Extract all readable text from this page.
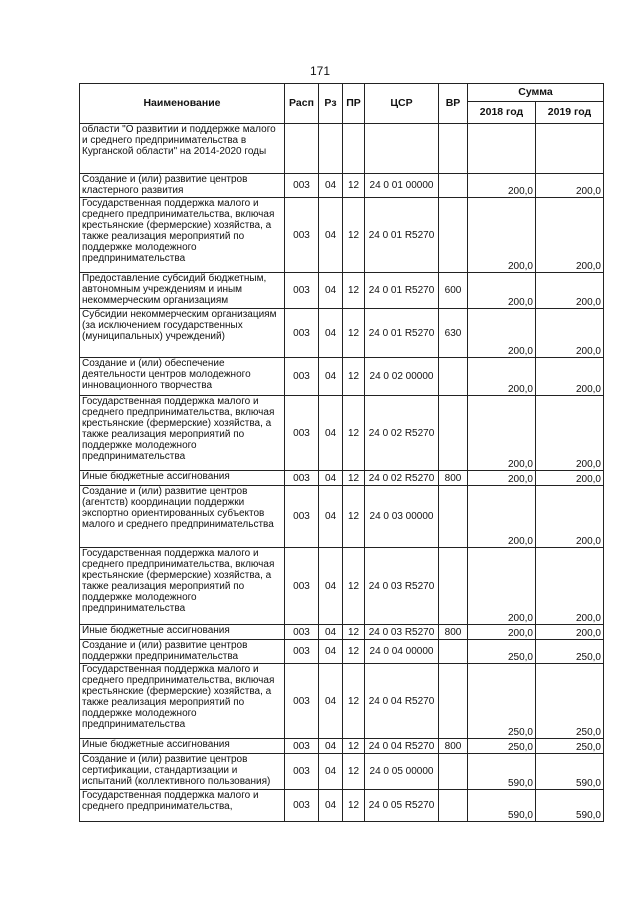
171
Наименование	Расп	Рз	ПР	ЦСР	ВР	Сумма	
						2018 год	2019 год
области "О развитии и поддержке малого и среднего предпринимательства в Курганской области" на 2014-2020 годы							
Создание и (или) развитие центров кластерного развития	003	04	12	24 0 01 00000		200,0	200,0
Государственная поддержка малого и среднего предпринимательства, включая крестьянские (фермерские) хозяйства, а также реализация мероприятий по поддержке молодежного предпринимательства	003	04	12	24 0 01 R5270		200,0	200,0
Предоставление субсидий бюджетным, автономным учреждениям и иным некоммерческим организациям	003	04	12	24 0 01 R5270	600	200,0	200,0
Субсидии некоммерческим организациям (за исключением государственных (муниципальных) учреждений)	003	04	12	24 0 01 R5270	630	200,0	200,0
Создание и (или) обеспечение деятельности центров молодежного инновационного творчества	003	04	12	24 0 02 00000		200,0	200,0
Государственная поддержка малого и среднего предпринимательства, включая крестьянские (фермерские) хозяйства, а также реализация мероприятий по поддержке молодежного предпринимательства	003	04	12	24 0 02 R5270		200,0	200,0
Иные бюджетные ассигнования	003	04	12	24 0 02 R5270	800	200,0	200,0
Создание и (или) развитие центров (агентств) координации поддержки экспортно ориентированных субъектов малого и среднего предпринимательства	003	04	12	24 0 03 00000		200,0	200,0
Государственная поддержка малого и среднего предпринимательства, включая крестьянские (фермерские) хозяйства, а также реализация мероприятий по поддержке молодежного предпринимательства	003	04	12	24 0 03 R5270		200,0	200,0
Иные бюджетные ассигнования	003	04	12	24 0 03 R5270	800	200,0	200,0
Создание и (или) развитие центров поддержки предпринимательства	003	04	12	24 0 04 00000		250,0	250,0
Государственная поддержка малого и среднего предпринимательства, включая крестьянские (фермерские) хозяйства, а также реализация мероприятий по поддержке молодежного предпринимательства	003	04	12	24 0 04 R5270		250,0	250,0
Иные бюджетные ассигнования	003	04	12	24 0 04 R5270	800	250,0	250,0
Создание и (или) развитие центров сертификации, стандартизации и испытаний (коллективного пользования)	003	04	12	24 0 05 00000		590,0	590,0
Государственная поддержка малого и среднего предпринимательства,	003	04	12	24 0 05 R5270		590,0	590,0
